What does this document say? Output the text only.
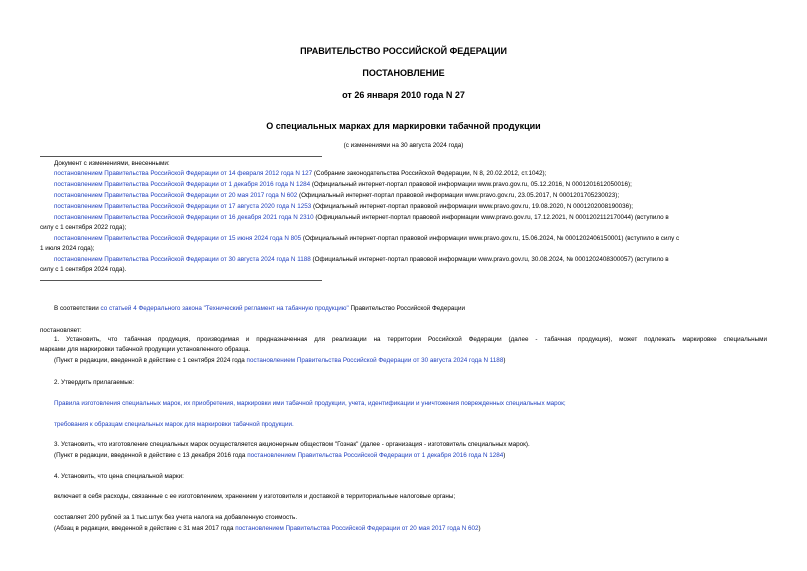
ПРАВИТЕЛЬСТВО РОССИЙСКОЙ ФЕДЕРАЦИИ
ПОСТАНОВЛЕНИЕ
от 26 января 2010 года N 27
О специальных марках для маркировки табачной продукции
(с изменениями на 30 августа 2024 года)
Документ с изменениями, внесенными:
постановлением Правительства Российской Федерации от 14 февраля 2012 года N 127 (Собрание законодательства Российской Федерации, N 8, 20.02.2012, ст.1042);
постановлением Правительства Российской Федерации от 1 декабря 2016 года N 1284 (Официальный интернет-портал правовой информации www.pravo.gov.ru, 05.12.2016, N 0001201612050016);
постановлением Правительства Российской Федерации от 20 мая 2017 года N 602 (Официальный интернет-портал правовой информации www.pravo.gov.ru, 23.05.2017, N 0001201705230023);
постановлением Правительства Российской Федерации от 17 августа 2020 года N 1253 (Официальный интернет-портал правовой информации www.pravo.gov.ru, 19.08.2020, N 0001202008190036);
постановлением Правительства Российской Федерации от 16 декабря 2021 года N 2310 (Официальный интернет-портал правовой информации www.pravo.gov.ru, 17.12.2021, N 0001202112170044) (вступило в
силу с 1 сентября 2022 года);
постановлением Правительства Российской Федерации от 15 июня 2024 года N 805 (Официальный интернет-портал правовой информации www.pravo.gov.ru, 15.06.2024, № 0001202406150001) (вступило в силу с
1 июля 2024 года);
постановлением Правительства Российской Федерации от 30 августа 2024 года N 1188 (Официальный интернет-портал правовой информации www.pravo.gov.ru, 30.08.2024, № 0001202408300057) (вступило в
силу с 1 сентября 2024 года).
В соответствии со статьей 4 Федерального закона "Технический регламент на табачную продукцию" Правительство Российской Федерации
постановляет:
1. Установить, что табачная продукция, производимая и предназначенная для реализации на территории Российской Федерации (далее - табачная продукция), может подлежать маркировке специальными
марками для маркировки табачной продукции установленного образца.
(Пункт в редакции, введенной в действие с 1 сентября 2024 года постановлением Правительства Российской Федерации от 30 августа 2024 года N 1188)
2. Утвердить прилагаемые:
Правила изготовления специальных марок, их приобретения, маркировки ими табачной продукции, учета, идентификации и уничтожения поврежденных специальных марок;
требования к образцам специальных марок для маркировки табачной продукции.
3. Установить, что изготовление специальных марок осуществляется акционерным обществом "Гознак" (далее - организация - изготовитель специальных марок).
(Пункт в редакции, введенной в действие с 13 декабря 2016 года постановлением Правительства Российской Федерации от 1 декабря 2016 года N 1284)
4. Установить, что цена специальной марки:
включает в себя расходы, связанные с ее изготовлением, хранением у изготовителя и доставкой в территориальные налоговые органы;
составляет 200 рублей за 1 тыс.штук без учета налога на добавленную стоимость.
(Абзац в редакции, введенной в действие с 31 мая 2017 года постановлением Правительства Российской Федерации от 20 мая 2017 года N 602)
